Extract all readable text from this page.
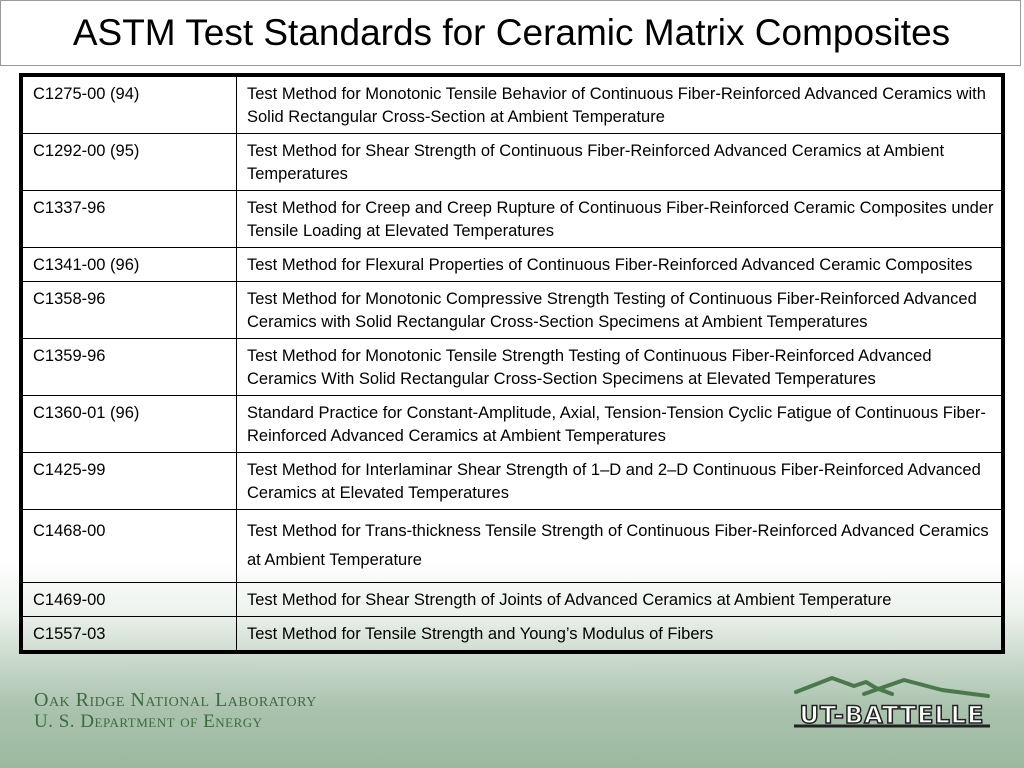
ASTM Test Standards for Ceramic Matrix Composites
C1275-00 (94)	Test Method for Monotonic Tensile Behavior of Continuous Fiber-Reinforced Advanced Ceramics with Solid Rectangular Cross-Section at Ambient Temperature
C1292-00 (95)	Test Method for Shear Strength of Continuous Fiber-Reinforced Advanced Ceramics at Ambient Temperatures
C1337-96	Test Method for Creep and Creep Rupture of Continuous Fiber-Reinforced Ceramic Composites under Tensile Loading at Elevated Temperatures
C1341-00 (96)	Test Method for Flexural Properties of Continuous Fiber-Reinforced Advanced Ceramic Composites
C1358-96	Test Method for Monotonic Compressive Strength Testing of Continuous Fiber-Reinforced Advanced Ceramics with Solid Rectangular Cross-Section Specimens at Ambient Temperatures
C1359-96	Test Method for Monotonic Tensile Strength Testing of Continuous Fiber-Reinforced Advanced Ceramics With Solid Rectangular Cross-Section Specimens at Elevated Temperatures
C1360-01 (96)	Standard Practice for Constant-Amplitude, Axial, Tension-Tension Cyclic Fatigue of Continuous Fiber-Reinforced Advanced Ceramics at Ambient Temperatures
C1425-99	Test Method for Interlaminar Shear Strength of 1–D and 2–D Continuous Fiber-Reinforced Advanced Ceramics at Elevated Temperatures
C1468-00	Test Method for Trans-thickness Tensile Strength of Continuous Fiber-Reinforced Advanced Ceramics at Ambient Temperature
C1469-00	Test Method for Shear Strength of Joints of Advanced Ceramics at Ambient Temperature
C1557-03	Test Method for Tensile Strength and Young’s Modulus of Fibers
Oak Ridge National Laboratory
U. S. Department of Energy	UT-BATTELLE
